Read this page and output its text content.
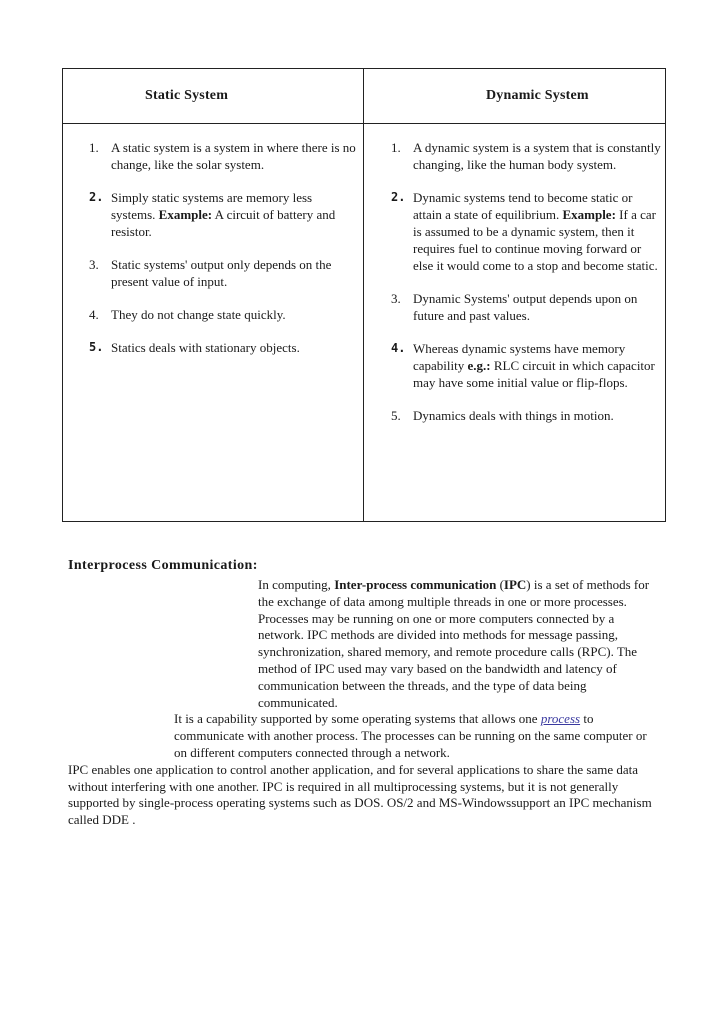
Static System	Dynamic System
1. A static system is a system in where there is no change, like the solar system.
2. Simply static systems are memory less systems. Example: A circuit of battery and resistor.
3. Static systems' output only depends on the present value of input.
4. They do not change state quickly.
5. Statics deals with stationary objects.
1. A dynamic system is a system that is constantly changing, like the human body system.
2. Dynamic systems tend to become static or attain a state of equilibrium. Example: If a car is assumed to be a dynamic system, then it requires fuel to continue moving forward or else it would come to a stop and become static.
3. Dynamic Systems' output depends upon on future and past values.
4. Whereas dynamic systems have memory capability e.g.: RLC circuit in which capacitor may have some initial value or flip-flops.
5. Dynamics deals with things in motion.
Interprocess Communication:

In computing, Inter-process communication (IPC) is a set of methods for the exchange of data among multiple threads in one or more processes. Processes may be running on one or more computers connected by a network. IPC methods are divided into methods for message passing, synchronization, shared memory, and remote procedure calls (RPC). The method of IPC used may vary based on the bandwidth and latency of communication between the threads, and the type of data being communicated.

It is a capability supported by some operating systems that allows one process to communicate with another process. The processes can be running on the same computer or on different computers connected through a network.

IPC enables one application to control another application, and for several applications to share the same data without interfering with one another. IPC is required in all multiprocessing systems, but it is not generally supported by single-process operating systems such as DOS. OS/2 and MS-Windowssupport an IPC mechanism called DDE .
